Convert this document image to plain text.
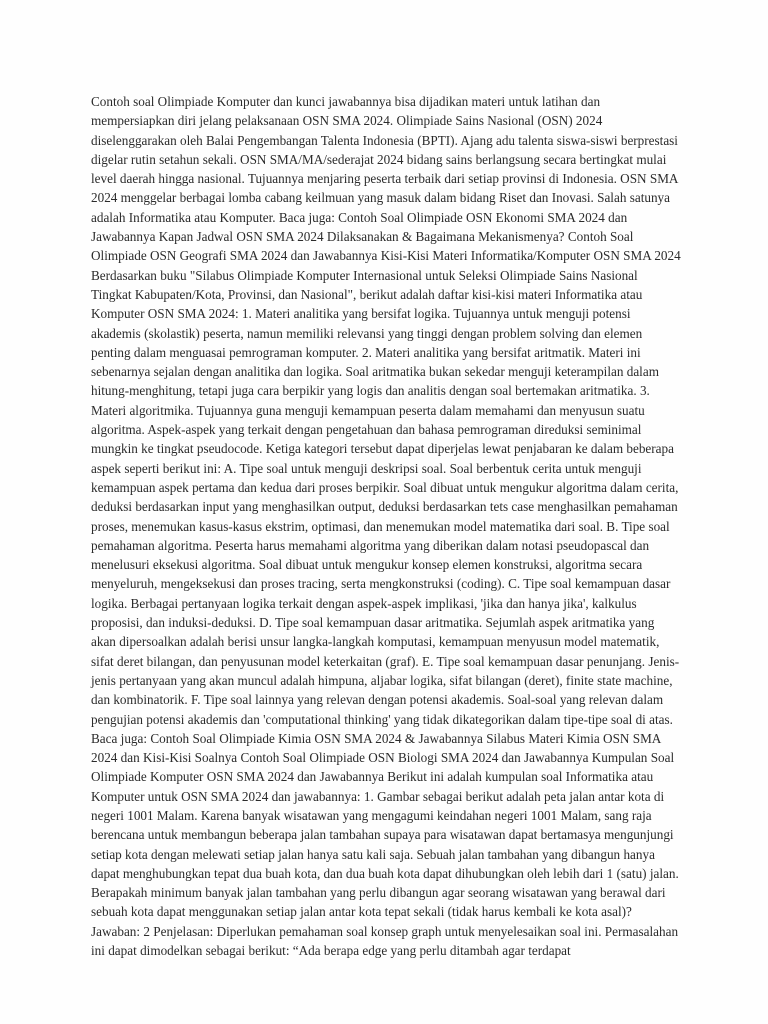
Contoh soal Olimpiade Komputer dan kunci jawabannya bisa dijadikan materi untuk latihan dan mempersiapkan diri jelang pelaksanaan OSN SMA 2024. Olimpiade Sains Nasional (OSN) 2024 diselenggarakan oleh Balai Pengembangan Talenta Indonesia (BPTI). Ajang adu talenta siswa-siswi berprestasi digelar rutin setahun sekali. OSN SMA/MA/sederajat 2024 bidang sains berlangsung secara bertingkat mulai level daerah hingga nasional. Tujuannya menjaring peserta terbaik dari setiap provinsi di Indonesia. OSN SMA 2024 menggelar berbagai lomba cabang keilmuan yang masuk dalam bidang Riset dan Inovasi. Salah satunya adalah Informatika atau Komputer. Baca juga: Contoh Soal Olimpiade OSN Ekonomi SMA 2024 dan Jawabannya Kapan Jadwal OSN SMA 2024 Dilaksanakan & Bagaimana Mekanismenya? Contoh Soal Olimpiade OSN Geografi SMA 2024 dan Jawabannya Kisi-Kisi Materi Informatika/Komputer OSN SMA 2024 Berdasarkan buku "Silabus Olimpiade Komputer Internasional untuk Seleksi Olimpiade Sains Nasional Tingkat Kabupaten/Kota, Provinsi, dan Nasional", berikut adalah daftar kisi-kisi materi Informatika atau Komputer OSN SMA 2024: 1. Materi analitika yang bersifat logika. Tujuannya untuk menguji potensi akademis (skolastik) peserta, namun memiliki relevansi yang tinggi dengan problem solving dan elemen penting dalam menguasai pemrograman komputer. 2. Materi analitika yang bersifat aritmatik. Materi ini sebenarnya sejalan dengan analitika dan logika. Soal aritmatika bukan sekedar menguji keterampilan dalam hitung-menghitung, tetapi juga cara berpikir yang logis dan analitis dengan soal bertemakan aritmatika. 3. Materi algoritmika. Tujuannya guna menguji kemampuan peserta dalam memahami dan menyusun suatu algoritma. Aspek-aspek yang terkait dengan pengetahuan dan bahasa pemrograman direduksi seminimal mungkin ke tingkat pseudocode. Ketiga kategori tersebut dapat diperjelas lewat penjabaran ke dalam beberapa aspek seperti berikut ini: A. Tipe soal untuk menguji deskripsi soal. Soal berbentuk cerita untuk menguji kemampuan aspek pertama dan kedua dari proses berpikir. Soal dibuat untuk mengukur algoritma dalam cerita, deduksi berdasarkan input yang menghasilkan output, deduksi berdasarkan tets case menghasilkan pemahaman proses, menemukan kasus-kasus ekstrim, optimasi, dan menemukan model matematika dari soal. B. Tipe soal pemahaman algoritma. Peserta harus memahami algoritma yang diberikan dalam notasi pseudopascal dan menelusuri eksekusi algoritma. Soal dibuat untuk mengukur konsep elemen konstruksi, algoritma secara menyeluruh, mengeksekusi dan proses tracing, serta mengkonstruksi (coding). C. Tipe soal kemampuan dasar logika. Berbagai pertanyaan logika terkait dengan aspek-aspek implikasi, 'jika dan hanya jika', kalkulus proposisi, dan induksi-deduksi. D. Tipe soal kemampuan dasar aritmatika. Sejumlah aspek aritmatika yang akan dipersoalkan adalah berisi unsur langka-langkah komputasi, kemampuan menyusun model matematik, sifat deret bilangan, dan penyusunan model keterkaitan (graf). E. Tipe soal kemampuan dasar penunjang. Jenis-jenis pertanyaan yang akan muncul adalah himpuna, aljabar logika, sifat bilangan (deret), finite state machine, dan kombinatorik. F. Tipe soal lainnya yang relevan dengan potensi akademis. Soal-soal yang relevan dalam pengujian potensi akademis dan 'computational thinking' yang tidak dikategorikan dalam tipe-tipe soal di atas. Baca juga: Contoh Soal Olimpiade Kimia OSN SMA 2024 & Jawabannya Silabus Materi Kimia OSN SMA 2024 dan Kisi-Kisi Soalnya Contoh Soal Olimpiade OSN Biologi SMA 2024 dan Jawabannya Kumpulan Soal Olimpiade Komputer OSN SMA 2024 dan Jawabannya Berikut ini adalah kumpulan soal Informatika atau Komputer untuk OSN SMA 2024 dan jawabannya: 1. Gambar sebagai berikut adalah peta jalan antar kota di negeri 1001 Malam. Karena banyak wisatawan yang mengagumi keindahan negeri 1001 Malam, sang raja berencana untuk membangun beberapa jalan tambahan supaya para wisatawan dapat bertamasya mengunjungi setiap kota dengan melewati setiap jalan hanya satu kali saja. Sebuah jalan tambahan yang dibangun hanya dapat menghubungkan tepat dua buah kota, dan dua buah kota dapat dihubungkan oleh lebih dari 1 (satu) jalan. Berapakah minimum banyak jalan tambahan yang perlu dibangun agar seorang wisatawan yang berawal dari sebuah kota dapat menggunakan setiap jalan antar kota tepat sekali (tidak harus kembali ke kota asal)? Jawaban: 2 Penjelasan: Diperlukan pemahaman soal konsep graph untuk menyelesaikan soal ini. Permasalahan ini dapat dimodelkan sebagai berikut: “Ada berapa edge yang perlu ditambah agar terdapat
